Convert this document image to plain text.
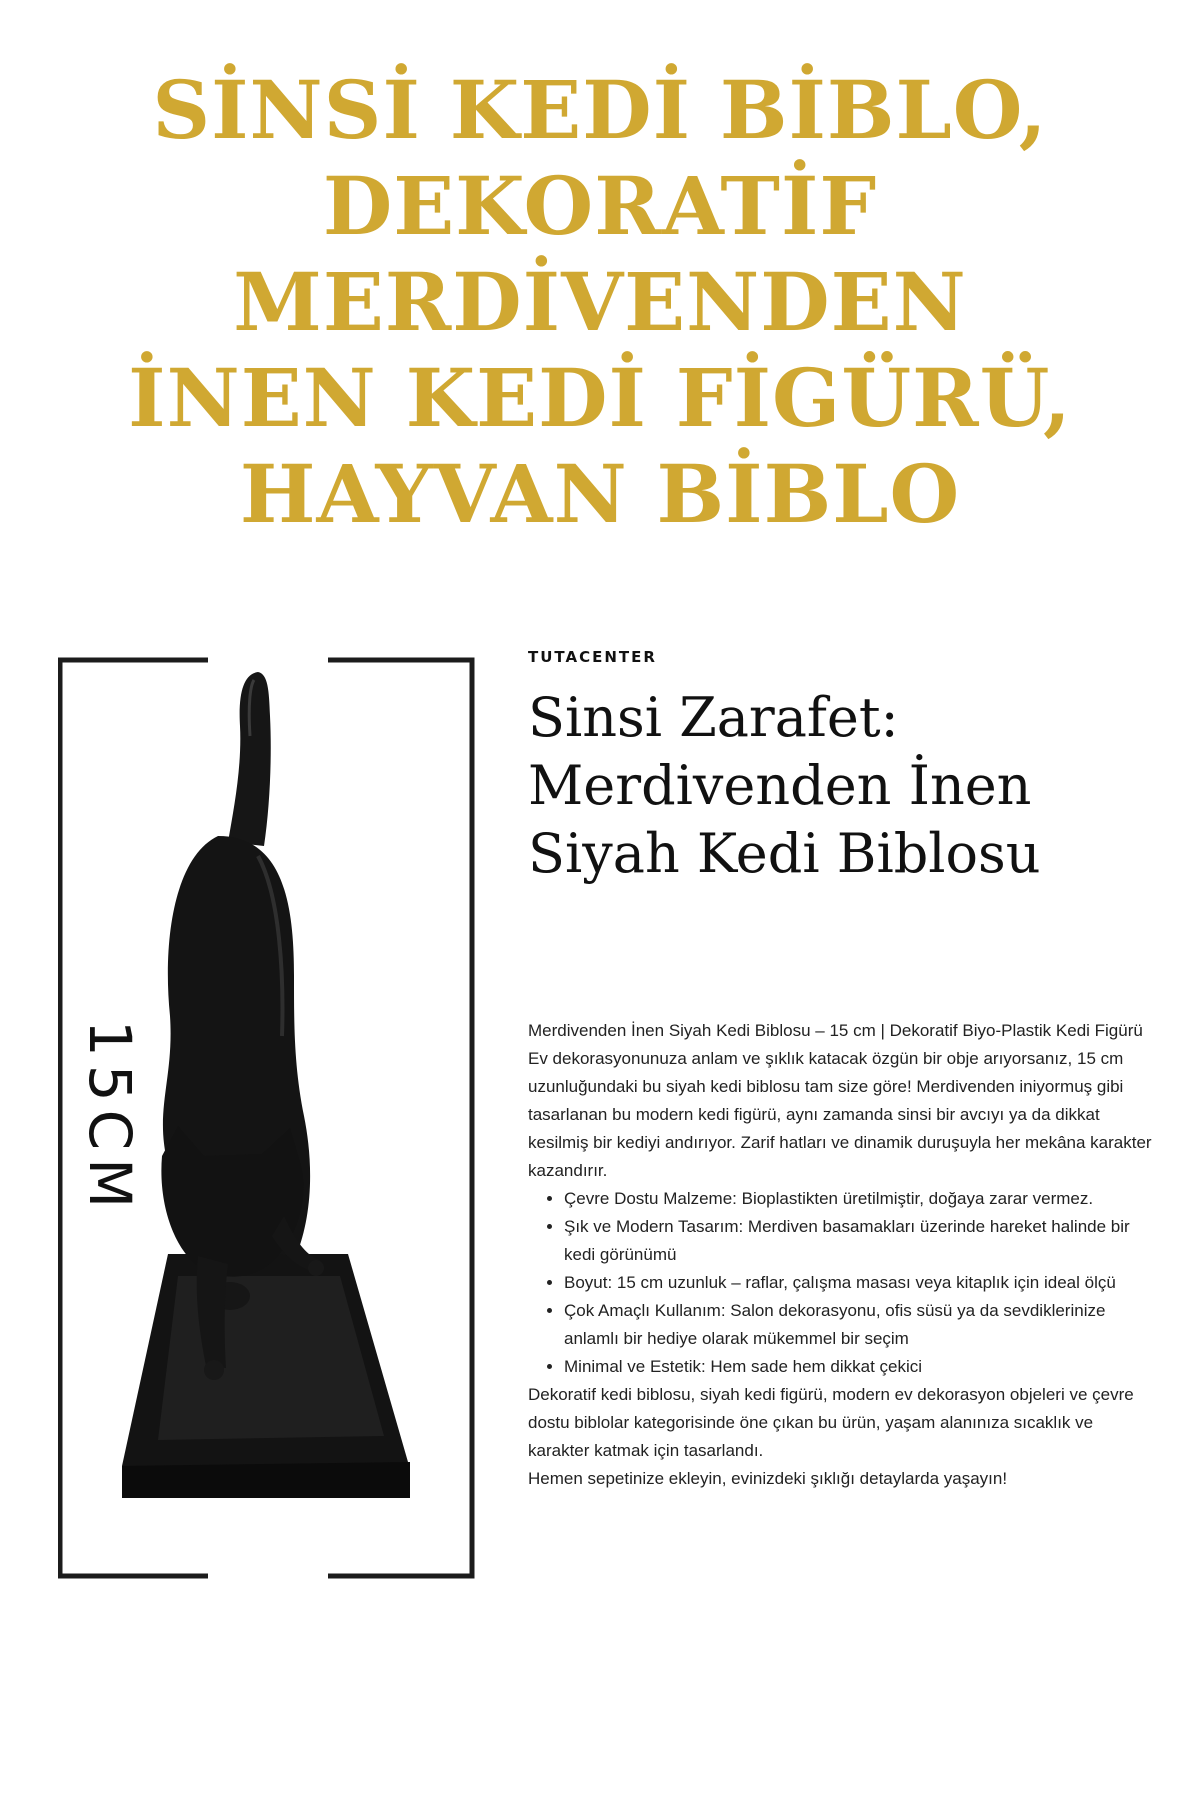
SİNSİ KEDİ BİBLO,
DEKORATİF
MERDİVENDEN
İNEN KEDİ FİGÜRÜ,
HAYVAN BİBLO
15CM
TUTACENTER
Sinsi Zarafet:
Merdivenden İnen
Siyah Kedi Biblosu

Merdivenden İnen Siyah Kedi Biblosu – 15 cm | Dekoratif Biyo-Plastik Kedi Figürü

Ev dekorasyonunuza anlam ve şıklık katacak özgün bir obje arıyorsanız, 15 cm uzunluğundaki bu siyah kedi biblosu tam size göre! Merdivenden iniyormuş gibi tasarlanan bu modern kedi figürü, aynı zamanda sinsi bir avcıyı ya da dikkat kesilmiş bir kediyi andırıyor. Zarif hatları ve dinamik duruşuyla her mekâna karakter kazandırır.

• Çevre Dostu Malzeme: Bioplastikten üretilmiştir, doğaya zarar vermez.
• Şık ve Modern Tasarım: Merdiven basamakları üzerinde hareket halinde bir kedi görünümü
• Boyut: 15 cm uzunluk – raflar, çalışma masası veya kitaplık için ideal ölçü
• Çok Amaçlı Kullanım: Salon dekorasyonu, ofis süsü ya da sevdiklerinize anlamlı bir hediye olarak mükemmel bir seçim
• Minimal ve Estetik: Hem sade hem dikkat çekici

Dekoratif kedi biblosu, siyah kedi figürü, modern ev dekorasyon objeleri ve çevre dostu biblolar kategorisinde öne çıkan bu ürün, yaşam alanınıza sıcaklık ve karakter katmak için tasarlandı.

Hemen sepetinize ekleyin, evinizdeki şıklığı detaylarda yaşayın!
